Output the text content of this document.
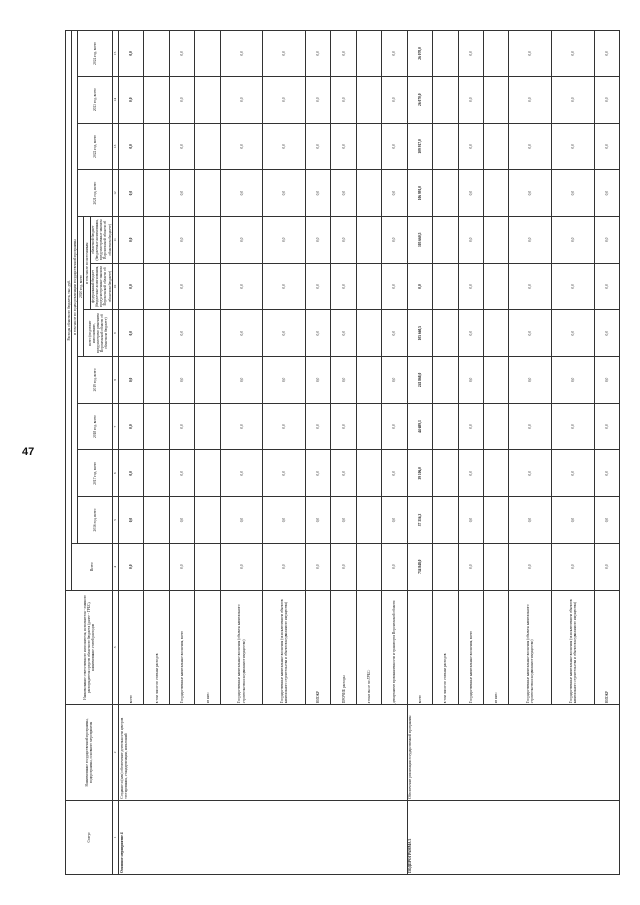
47
Статус	Наименование государственной программы, подпрограммы, основного мероприятия	Наименование ответственного исполнителя, исполнителя - главного распорядителя средств областного бюджета (далее - ГРБС), наименование статей расходов	Расходы областного бюджета, тыс. руб.											
			Всего	в том числе по годам реализации государственной программы										
				2016 год, всего	2017 год, всего	2018 год, всего	2019 год, всего	2020 год, всего			2021 год, всего	2022 год, всего	2023 год, всего	2024 год, всего
								всего (подлежит исполнению, предусмотрено решением Воронежской области об областном бюджете)	в том числе по источникам					
									федеральный бюджет (бюджетные ассигнования, предусмотренные законом Воронежской области об областном бюджете)	областной бюджет (бюджетные ассигнования, предусмотренные законом Воронежской области об областном бюджете)				
1	2	3	4	5	6	7	8	9	10	11	12	13	14	15
Основное мероприятие 4	Создание и (или) обеспечение деятельности центров тестирования, стандартизации, испытаний	всего	0,0	0,0	0,0	0,0	0,0	0,0	0,0	0,0	0,0	0,0	0,0	0,0
		в том числе по статьям расходов												
		Государственные капитальные вложения, всего	0,0	0,0	0,0	0,0	0,0	0,0	0,0	0,0	0,0	0,0	0,0	0,0
		из них:												
		Государственные капитальные вложения (объекты капитального строительства и недвижимое имущество)	0,0	0,0	0,0	0,0	0,0	0,0	0,0	0,0	0,0	0,0	0,0	0,0
		Государственные капитальные вложения (за исключением объектов капитального строительства и объектов недвижимого имущества)	0,0	0,0	0,0	0,0	0,0	0,0	0,0	0,0	0,0	0,0	0,0	0,0
		НИОКР	0,0	0,0	0,0	0,0	0,0	0,0	0,0	0,0	0,0	0,0	0,0	0,0
		ПРОЧИЕ расходы	0,0	0,0	0,0	0,0	0,0	0,0	0,0	0,0	0,0	0,0	0,0	0,0
		в том числе по ГРБС:												
		департамент промышленности и транспорта Воронежской области	0,0	0,0	0,0	0,0	0,0	0,0	0,0	0,0	0,0	0,0	0,0	0,0
ПОДПРОГРАММА 5	Обеспечение реализации государственной программы	всего	734 848,0	37 316,3	39 106,0	44 689,3	241 868,0	105 660,5	0,0	105 660,5	106 991,0	109 917,0	26 070,0	26 070,0
		в том числе по статьям расходов												
		Государственные капитальные вложения, всего	0,0	0,0	0,0	0,0	0,0	0,0	0,0	0,0	0,0	0,0	0,0	0,0
		из них:												
		Государственные капитальные вложения (объекты капитального строительства и недвижимое имущество)	0,0	0,0	0,0	0,0	0,0	0,0	0,0	0,0	0,0	0,0	0,0	0,0
		Государственные капитальные вложения (за исключением объектов капитального строительства и объектов недвижимого имущества)	0,0	0,0	0,0	0,0	0,0	0,0	0,0	0,0	0,0	0,0	0,0	0,0
		НИОКР	0,0	0,0	0,0	0,0	0,0	0,0	0,0	0,0	0,0	0,0	0,0	0,0
